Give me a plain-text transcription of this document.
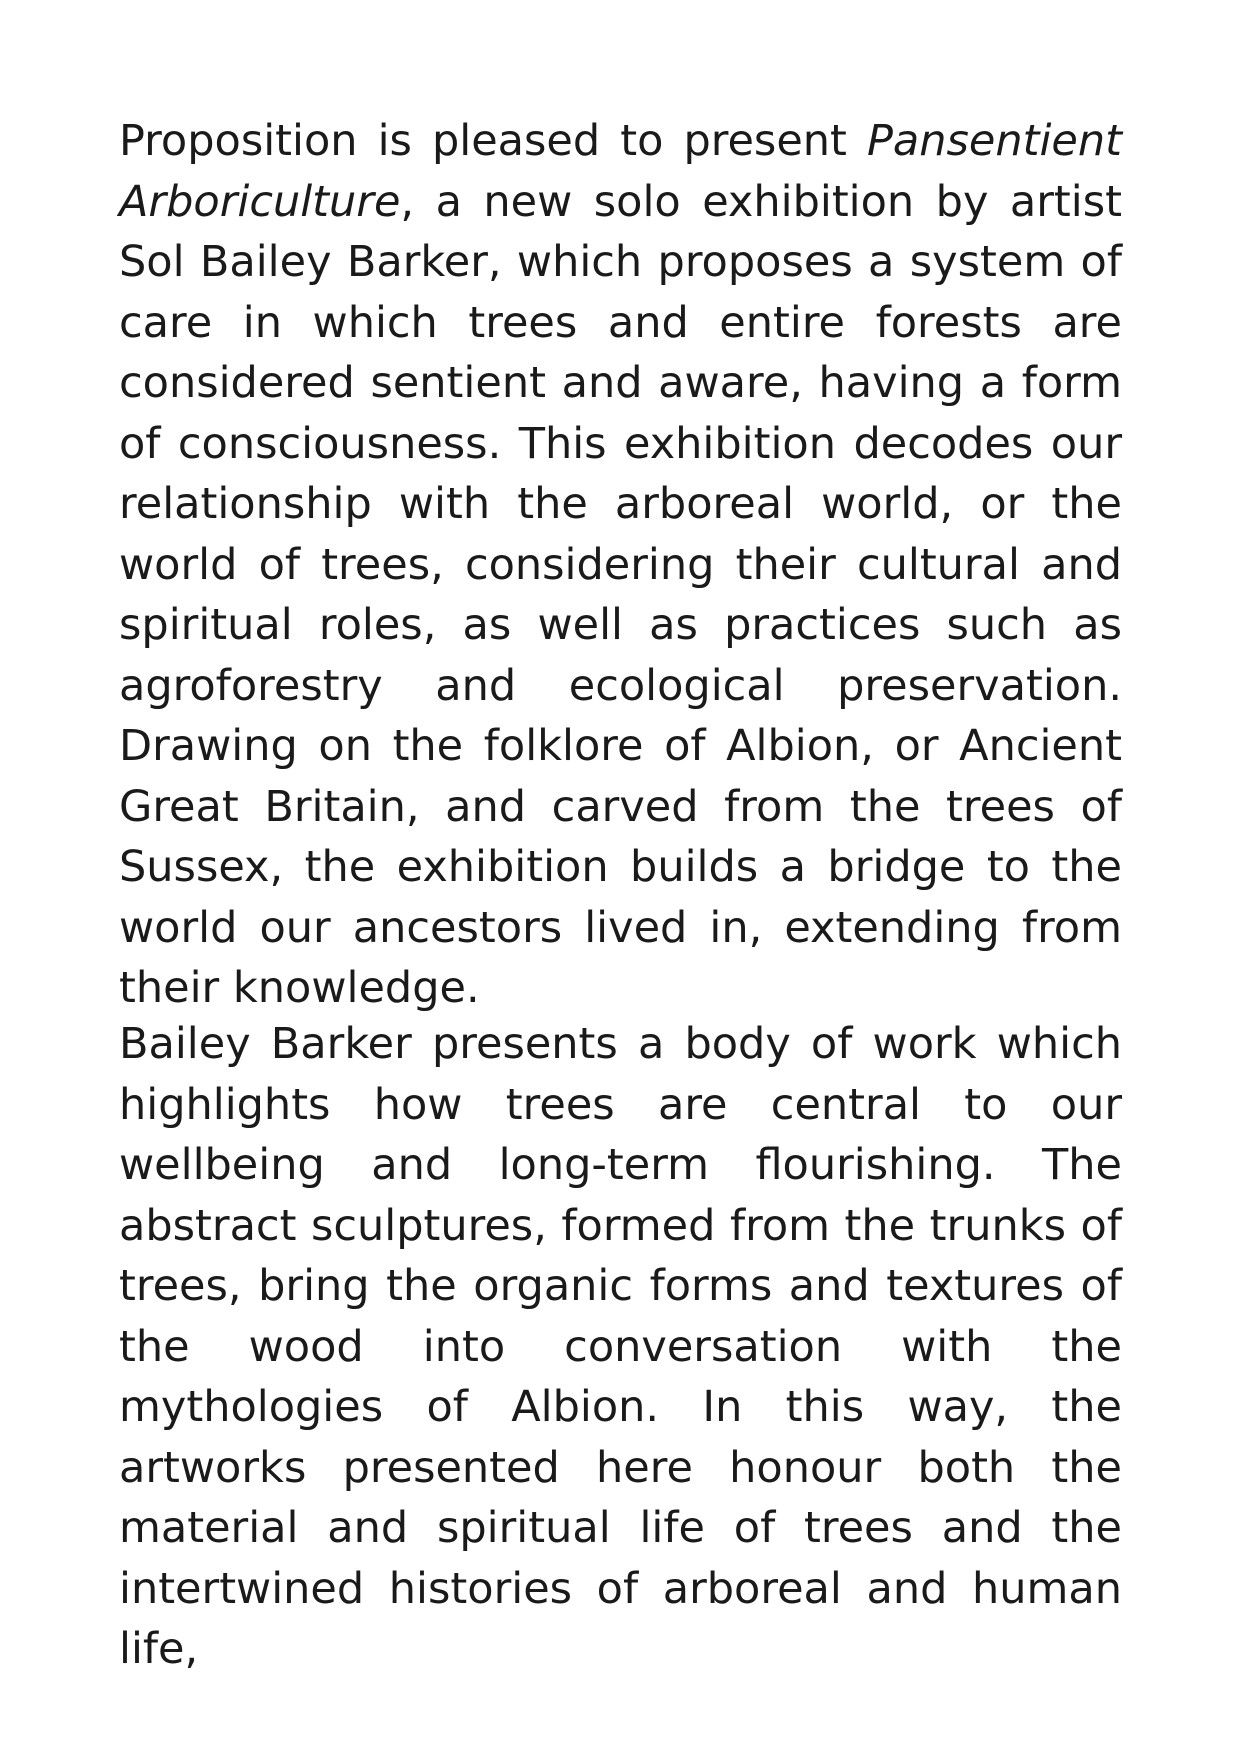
Proposition is pleased to present Pansentient Arboriculture, a new solo exhibition by artist Sol Bailey Barker, which proposes a system of care in which trees and entire forests are considered sentient and aware, having a form of consciousness. This exhibition decodes our relationship with the arboreal world, or the world of trees, considering their cultural and spiritual roles, as well as practices such as agroforestry and ecological preservation. Drawing on the folklore of Albion, or Ancient Great Britain, and carved from the trees of Sussex, the exhibition builds a bridge to the world our ancestors lived in, extending from their knowledge.

Bailey Barker presents a body of work which highlights how trees are central to our wellbeing and long-term flourishing. The abstract sculptures, formed from the trunks of trees, bring the organic forms and textures of the wood into conversation with the mythologies of Albion. In this way, the artworks presented here honour both the material and spiritual life of trees and the intertwined histories of arboreal and human life,
